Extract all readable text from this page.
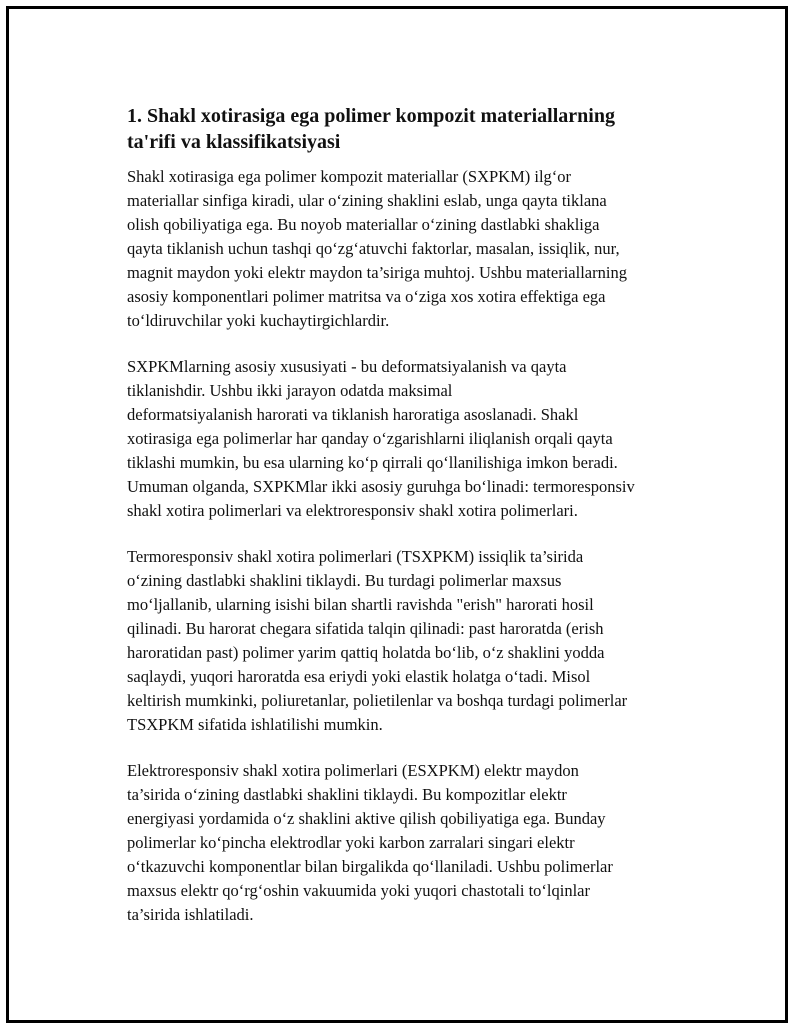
1. Shakl xotirasiga ega polimer kompozit materiallarning
ta'rifi va klassifikatsiyasi

Shakl xotirasiga ega polimer kompozit materiallar (SXPKM) ilg‘or
materiallar sinfiga kiradi, ular o‘zining shaklini eslab, unga qayta tiklana
olish qobiliyatiga ega. Bu noyob materiallar o‘zining dastlabki shakliga
qayta tiklanish uchun tashqi qo‘zg‘atuvchi faktorlar, masalan, issiqlik, nur,
magnit maydon yoki elektr maydon ta’siriga muhtoj. Ushbu materiallarning
asosiy komponentlari polimer matritsa va o‘ziga xos xotira effektiga ega
to‘ldiruvchilar yoki kuchaytirgichlardir.

SXPKMlarning asosiy xususiyati - bu deformatsiyalanish va qayta
tiklanishdir. Ushbu ikki jarayon odatda maksimal
deformatsiyalanish harorati va tiklanish haroratiga asoslanadi. Shakl
xotirasiga ega polimerlar har qanday o‘zgarishlarni iliqlanish orqali qayta
tiklashi mumkin, bu esa ularning ko‘p qirrali qo‘llanilishiga imkon beradi.
Umuman olganda, SXPKMlar ikki asosiy guruhga bo‘linadi: termoresponsiv
shakl xotira polimerlari va elektroresponsiv shakl xotira polimerlari.

Termoresponsiv shakl xotira polimerlari (TSXPKM) issiqlik ta’sirida
o‘zining dastlabki shaklini tiklaydi. Bu turdagi polimerlar maxsus
mo‘ljallanib, ularning isishi bilan shartli ravishda "erish" harorati hosil
qilinadi. Bu harorat chegara sifatida talqin qilinadi: past haroratda (erish
haroratidan past) polimer yarim qattiq holatda bo‘lib, o‘z shaklini yodda
saqlaydi, yuqori haroratda esa eriydi yoki elastik holatga o‘tadi. Misol
keltirish mumkinki, poliuretanlar, polietilenlar va boshqa turdagi polimerlar
TSXPKM sifatida ishlatilishi mumkin.

Elektroresponsiv shakl xotira polimerlari (ESXPKM) elektr maydon
ta’sirida o‘zining dastlabki shaklini tiklaydi. Bu kompozitlar elektr
energiyasi yordamida o‘z shaklini aktive qilish qobiliyatiga ega. Bunday
polimerlar ko‘pincha elektrodlar yoki karbon zarralari singari elektr
o‘tkazuvchi komponentlar bilan birgalikda qo‘llaniladi. Ushbu polimerlar
maxsus elektr qo‘rg‘oshin vakuumida yoki yuqori chastotali to‘lqinlar
ta’sirida ishlatiladi.
